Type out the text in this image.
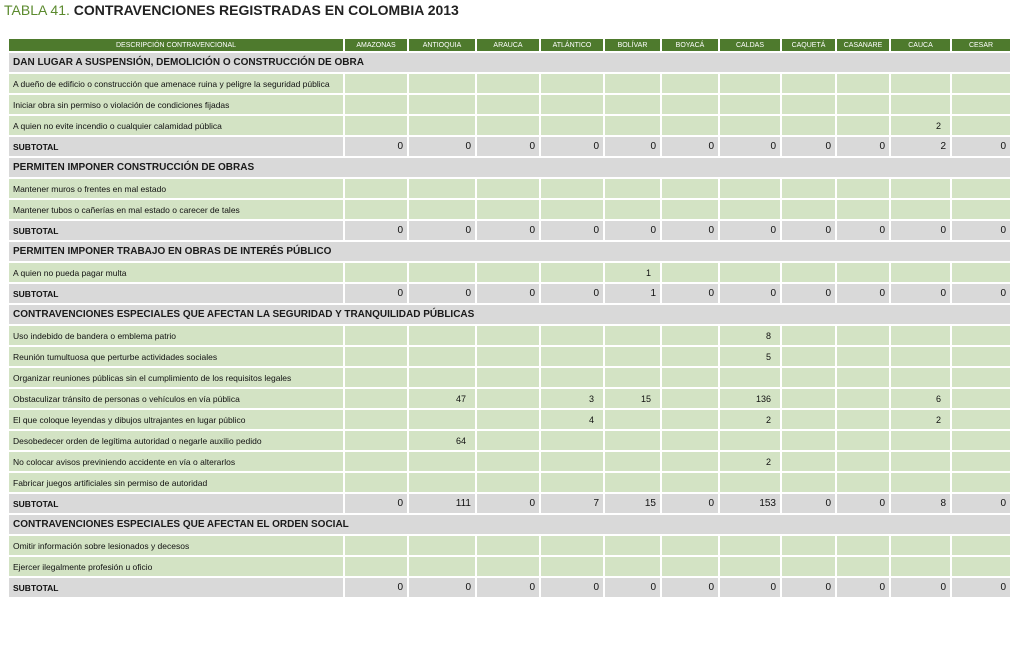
TABLA 41. CONTRAVENCIONES REGISTRADAS EN COLOMBIA 2013
DESCRIPCIÓN CONTRAVENCIONAL	AMAZONAS	ANTIOQUIA	ARAUCA	ATLÁNTICO	BOLÍVAR	BOYACÁ	CALDAS	CAQUETÁ	CASANARE	CAUCA	CESAR
DAN LUGAR A SUSPENSIÓN, DEMOLICIÓN O CONSTRUCCIÓN DE OBRA											
A dueño de edificio o construcción que amenace ruina y peligre la seguridad pública											
Iniciar obra sin permiso o violación de condiciones fijadas											
A quien no evite incendio o cualquier calamidad pública										2	
SUBTOTAL	0	0	0	0	0	0	0	0	0	2	0
PERMITEN IMPONER CONSTRUCCIÓN DE OBRAS											
Mantener muros o frentes en mal estado											
Mantener tubos o cañerías en mal estado o carecer de tales											
SUBTOTAL	0	0	0	0	0	0	0	0	0	0	0
PERMITEN IMPONER TRABAJO EN OBRAS DE INTERÉS PÚBLICO											
A quien no pueda pagar multa					1						
SUBTOTAL	0	0	0	0	1	0	0	0	0	0	0
CONTRAVENCIONES ESPECIALES QUE AFECTAN LA SEGURIDAD Y TRANQUILIDAD PÚBLICAS											
Uso indebido de bandera o emblema patrio							8				
Reunión tumultuosa que perturbe actividades sociales							5				
Organizar reuniones públicas sin el cumplimiento de los requisitos legales											
Obstaculizar tránsito de personas o vehículos en vía pública		47		3	15		136			6	
El que coloque leyendas y dibujos ultrajantes en lugar público				4			2			2	
Desobedecer orden de legítima autoridad o negarle auxilio pedido		64									
No colocar avisos previniendo accidente en vía o alterarlos							2				
Fabricar juegos artificiales sin permiso de autoridad											
SUBTOTAL	0	111	0	7	15	0	153	0	0	8	0
CONTRAVENCIONES ESPECIALES QUE AFECTAN EL ORDEN SOCIAL											
Omitir información sobre lesionados y decesos											
Ejercer ilegalmente profesión u oficio											
SUBTOTAL	0	0	0	0	0	0	0	0	0	0	0
